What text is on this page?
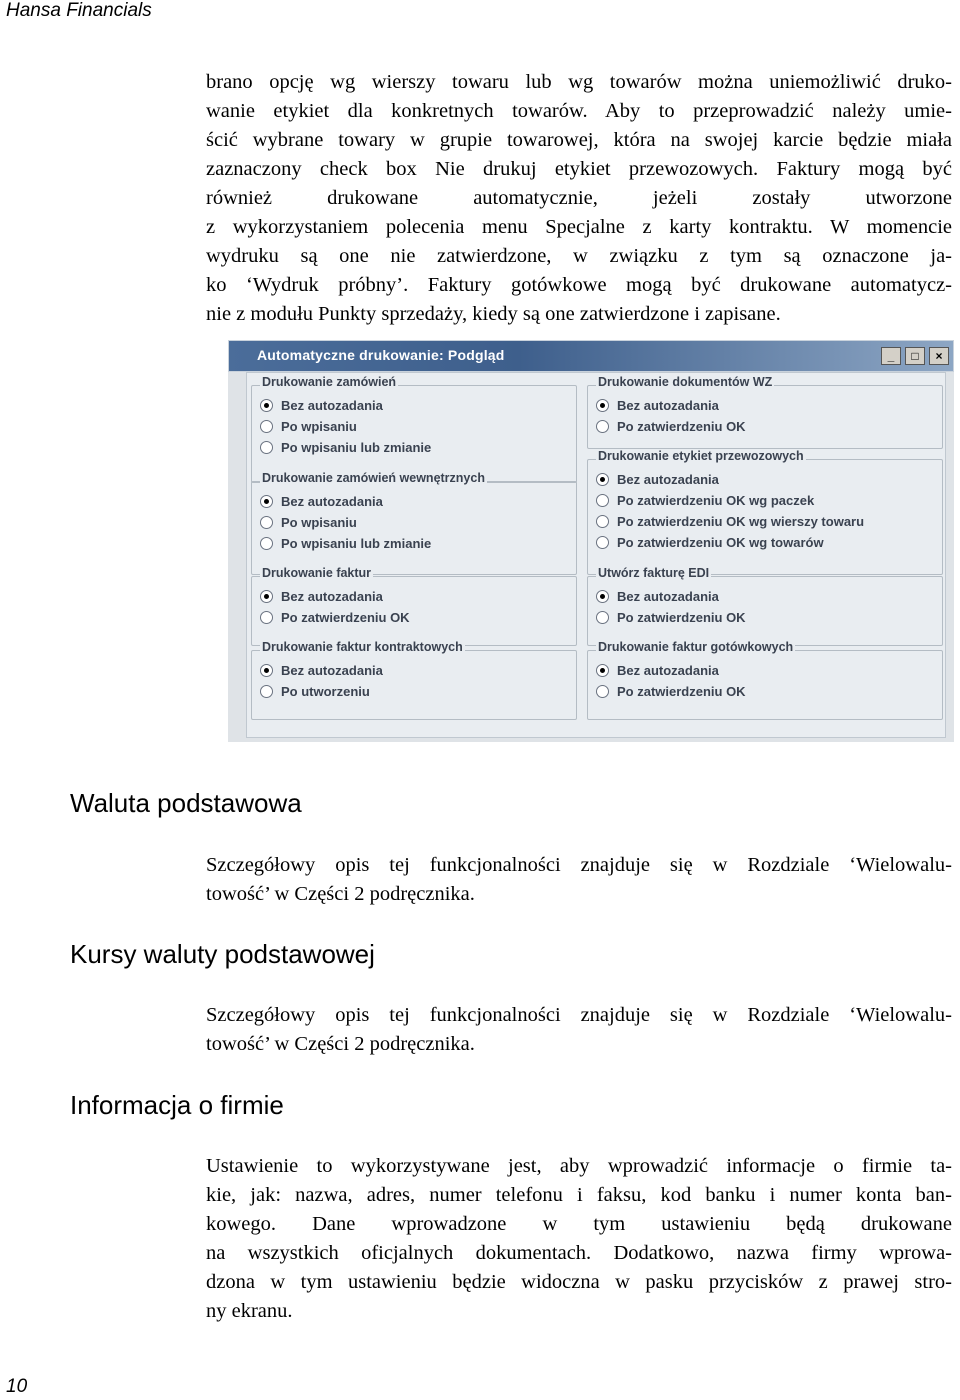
Hansa Financials
brano opcję wg wierszy towaru lub wg towarów można uniemożliwić druko-
wanie etykiet dla konkretnych towarów. Aby to przeprowadzić należy umie-
ścić wybrane towary w grupie towarowej, która na swojej karcie będzie miała
zaznaczony check box Nie drukuj etykiet przewozowych. Faktury mogą być
również drukowane automatycznie, jeżeli zostały utworzone
z wykorzystaniem polecenia menu Specjalne z karty kontraktu. W momencie
wydruku są one nie zatwierdzone, w związku z tym są oznaczone ja-
ko ‘Wydruk próbny’. Faktury gotówkowe mogą być drukowane automatycz-
nie z modułu Punkty sprzedaży, kiedy są one zatwierdzone i zapisane.
Automatyczne drukowanie: Podgląd	_	□	×
Drukowanie zamówień
Bez autozadania
Po wpisaniu
Po wpisaniu lub zmianie
Drukowanie zamówień wewnętrznych
Bez autozadania
Po wpisaniu
Po wpisaniu lub zmianie
Drukowanie faktur
Bez autozadania
Po zatwierdzeniu OK
Drukowanie faktur kontraktowych
Bez autozadania
Po utworzeniu
Drukowanie dokumentów WZ
Bez autozadania
Po zatwierdzeniu OK
Drukowanie etykiet przewozowych
Bez autozadania
Po zatwierdzeniu OK wg paczek
Po zatwierdzeniu OK wg wierszy towaru
Po zatwierdzeniu OK wg towarów
Utwórz fakturę EDI
Bez autozadania
Po zatwierdzeniu OK
Drukowanie faktur gotówkowych
Bez autozadania
Po zatwierdzeniu OK
Waluta podstawowa
Szczegółowy opis tej funkcjonalności znajduje się w Rozdziale ‘Wielowalu-
towość’ w Części 2 podręcznika.
Kursy waluty podstawowej
Szczegółowy opis tej funkcjonalności znajduje się w Rozdziale ‘Wielowalu-
towość’ w Części 2 podręcznika.
Informacja o firmie
Ustawienie to wykorzystywane jest, aby wprowadzić informacje o firmie ta-
kie, jak: nazwa, adres, numer telefonu i faksu, kod banku i numer konta ban-
kowego. Dane wprowadzone w tym ustawieniu będą drukowane
na wszystkich oficjalnych dokumentach. Dodatkowo, nazwa firmy wprowa-
dzona w tym ustawieniu będzie widoczna w pasku przycisków z prawej stro-
ny ekranu.
10
